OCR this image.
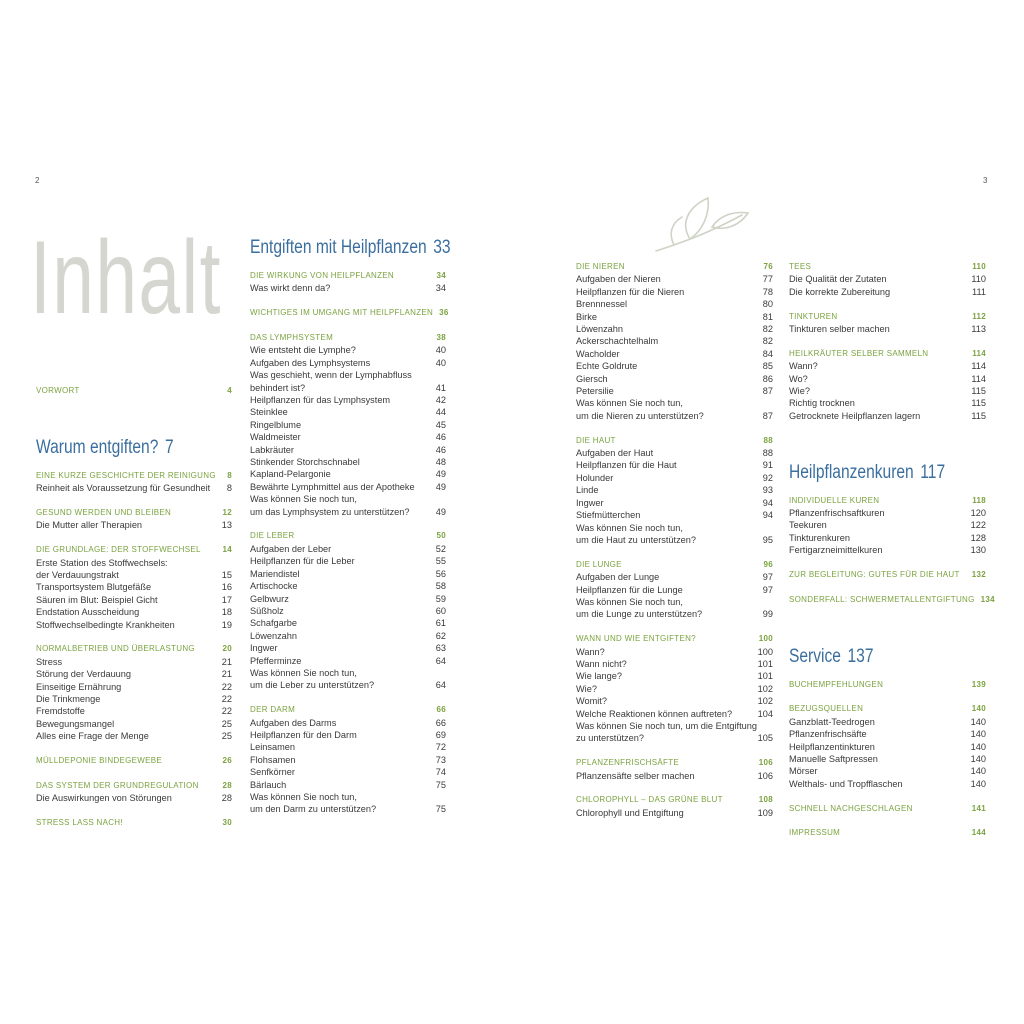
2	3
Inhalt
VORWORT	4
Warum entgiften? 7
EINE KURZE GESCHICHTE DER REINIGUNG 8
Reinheit als Voraussetzung für Gesundheit 8
GESUND WERDEN UND BLEIBEN	12
Die Mutter aller Therapien	13
DIE GRUNDLAGE: DER STOFFWECHSEL	14
Erste Station des Stoffwechsels:
der Verdauungstrakt	15
Transportsystem Blutgefäße	16
Säuren im Blut: Beispiel Gicht	17
Endstation Ausscheidung	18
Stoffwechselbedingte Krankheiten	19
NORMALBETRIEB UND ÜBERLASTUNG	20
Stress	21
Störung der Verdauung	21
Einseitige Ernährung	22
Die Trinkmenge	22
Fremdstoffe	22
Bewegungsmangel	25
Alles eine Frage der Menge	25
MÜLLDEPONIE BINDEGEWEBE	26
DAS SYSTEM DER GRUNDREGULATION	28
Die Auswirkungen von Störungen	28
STRESS LASS NACH!	30
Entgiften mit Heilpflanzen 33
DIE WIRKUNG VON HEILPFLANZEN	34
Was wirkt denn da?	34
WICHTIGES IM UMGANG MIT HEILPFLANZEN 36
DAS LYMPHSYSTEM	38
Wie entsteht die Lymphe?	40
Aufgaben des Lymphsystems	40
Was geschieht, wenn der Lymphabfluss
behindert ist?	41
Heilpflanzen für das Lymphsystem	42
Steinklee	44
Ringelblume	45
Waldmeister	46
Labkräuter	46
Stinkender Storchschnabel	48
Kapland-Pelargonie	49
Bewährte Lymphmittel aus der Apotheke 49
Was können Sie noch tun,
um das Lymphsystem zu unterstützen?	49
DIE LEBER	50
Aufgaben der Leber	52
Heilpflanzen für die Leber	55
Mariendistel	56
Artischocke	58
Gelbwurz	59
Süßholz	60
Schafgarbe	61
Löwenzahn	62
Ingwer	63
Pfefferminze	64
Was können Sie noch tun,
um die Leber zu unterstützen?	64
DER DARM	66
Aufgaben des Darms	66
Heilpflanzen für den Darm	69
Leinsamen	72
Flohsamen	73
Senfkörner	74
Bärlauch	75
Was können Sie noch tun,
um den Darm zu unterstützen?	75
DIE NIEREN	76
Aufgaben der Nieren	77
Heilpflanzen für die Nieren	78
Brennnessel	80
Birke	81
Löwenzahn	82
Ackerschachtelhalm	82
Wacholder	84
Echte Goldrute	85
Giersch	86
Petersilie	87
Was können Sie noch tun,
um die Nieren zu unterstützen?	87
DIE HAUT	88
Aufgaben der Haut	88
Heilpflanzen für die Haut	91
Holunder	92
Linde	93
Ingwer	94
Stiefmütterchen	94
Was können Sie noch tun,
um die Haut zu unterstützen?	95
DIE LUNGE	96
Aufgaben der Lunge	97
Heilpflanzen für die Lunge	97
Was können Sie noch tun,
um die Lunge zu unterstützen?	99
WANN UND WIE ENTGIFTEN?	100
Wann?	100
Wann nicht?	101
Wie lange?	101
Wie?	102
Womit?	102
Welche Reaktionen können auftreten?	104
Was können Sie noch tun, um die Entgiftung
zu unterstützen?	105
PFLANZENFRISCHSÄFTE	106
Pflanzensäfte selber machen	106
CHLOROPHYLL – DAS GRÜNE BLUT	108
Chlorophyll und Entgiftung	109
TEES	110
Die Qualität der Zutaten	110
Die korrekte Zubereitung	111
TINKTUREN	112
Tinkturen selber machen	113
HEILKRÄUTER SELBER SAMMELN	114
Wann?	114
Wo?	114
Wie?	115
Richtig trocknen	115
Getrocknete Heilpflanzen lagern	115
Heilpflanzenkuren 117
INDIVIDUELLE KUREN	118
Pflanzenfrischsaftkuren	120
Teekuren	122
Tinkturenkuren	128
Fertigarzneimittelkuren	130
ZUR BEGLEITUNG: GUTES FÜR DIE HAUT 132
SONDERFALL: SCHWERMETALLENTGIFTUNG 134
Service 137
BUCHEMPFEHLUNGEN	139
BEZUGSQUELLEN	140
Ganzblatt-Teedrogen	140
Pflanzenfrischsäfte	140
Heilpflanzentinkturen	140
Manuelle Saftpressen	140
Mörser	140
Welthals- und Tropfflaschen	140
SCHNELL NACHGESCHLAGEN	141
IMPRESSUM	144
